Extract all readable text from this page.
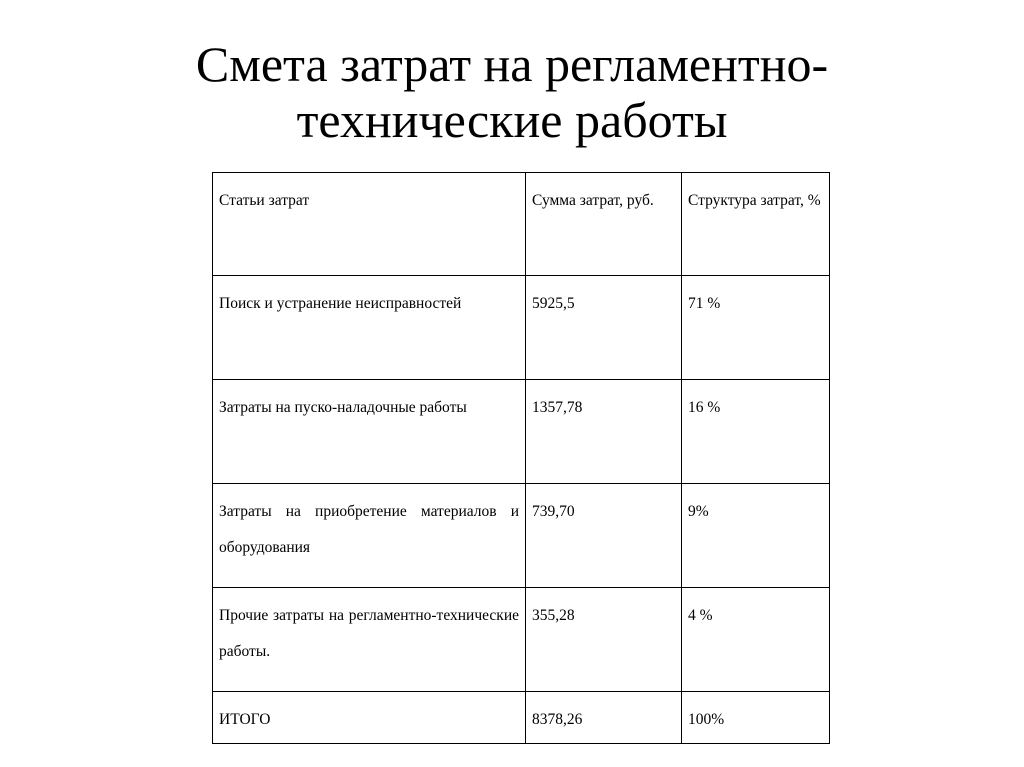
Смета затрат на регламентно-
технические работы
Статьи затрат	Сумма затрат, руб.	Структура затрат, %
Поиск и устранение неисправностей	5925,5	71 %
Затраты на пуско-наладочные работы	1357,78	16 %
Затраты на приобретение материалов и оборудования	739,70	9%
Прочие затраты на регламентно-технические работы.	355,28	4 %
ИТОГО	8378,26	100%
